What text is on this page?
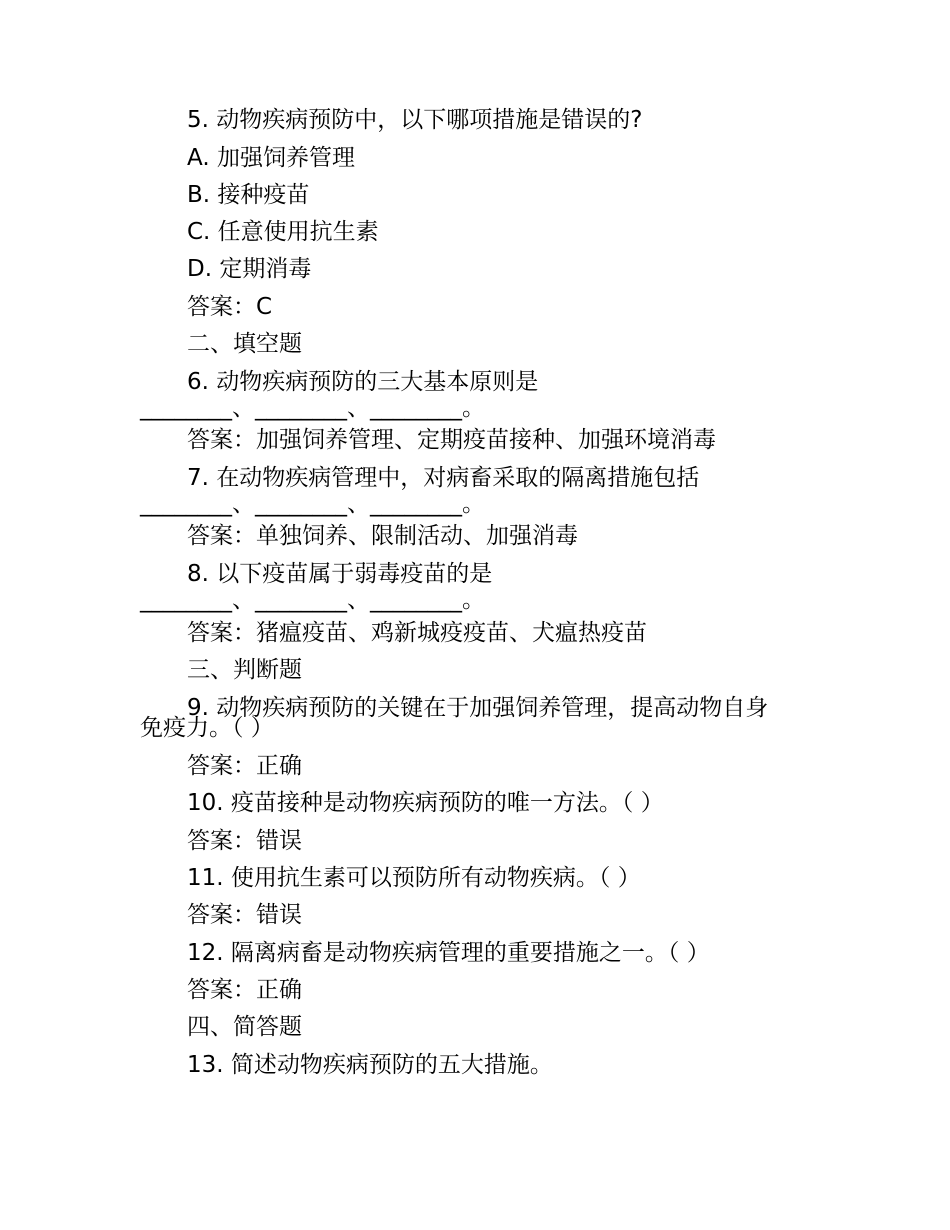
5. 动物疾病预防中，以下哪项措施是错误的?
A. 加强饲养管理
B. 接种疫苗
C. 任意使用抗生素
D. 定期消毒
答案：C
二、填空题
6. 动物疾病预防的三大基本原则是
________、________、________。
答案：加强饲养管理、定期疫苗接种、加强环境消毒
7. 在动物疾病管理中，对病畜采取的隔离措施包括
________、________、________。
答案：单独饲养、限制活动、加强消毒
8. 以下疫苗属于弱毒疫苗的是
________、________、________。
答案：猪瘟疫苗、鸡新城疫疫苗、犬瘟热疫苗
三、判断题
9. 动物疾病预防的关键在于加强饲养管理，提高动物自身
免疫力。（ ）
答案：正确
10. 疫苗接种是动物疾病预防的唯一方法。（ ）
答案：错误
11. 使用抗生素可以预防所有动物疾病。（ ）
答案：错误
12. 隔离病畜是动物疾病管理的重要措施之一。（ ）
答案：正确
四、简答题
13. 简述动物疾病预防的五大措施。
